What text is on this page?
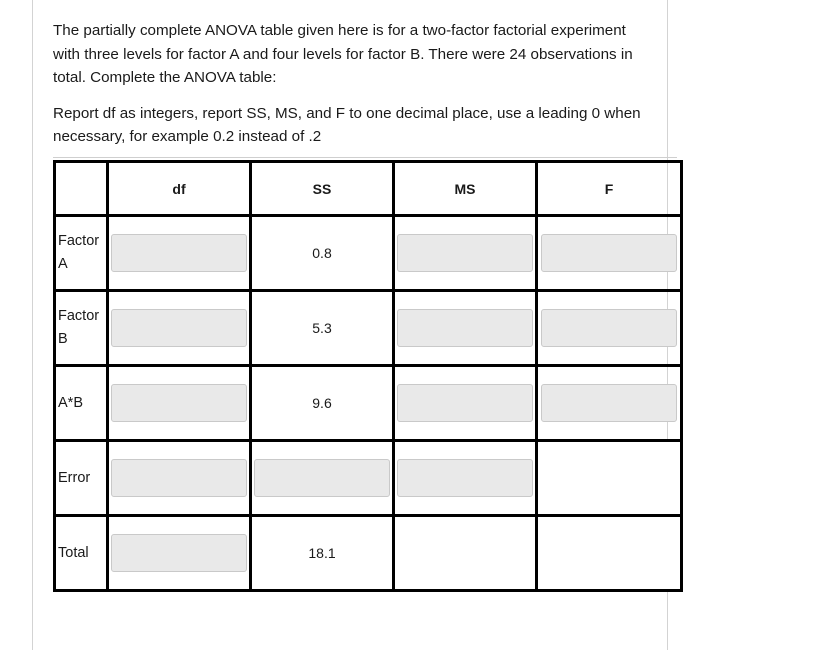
The partially complete ANOVA table given here is for a two-factor factorial experiment with three levels for factor A and four levels for factor B. There were 24 observations in total. Complete the ANOVA table:

Report df as integers, report SS, MS, and F to one decimal place, use a leading 0 when necessary, for example 0.2 instead of .2

	df	SS	MS	F
Factor A		0.8	

Factor B		5.3	

A*B		9.6	

Error	

Total		18.1		
